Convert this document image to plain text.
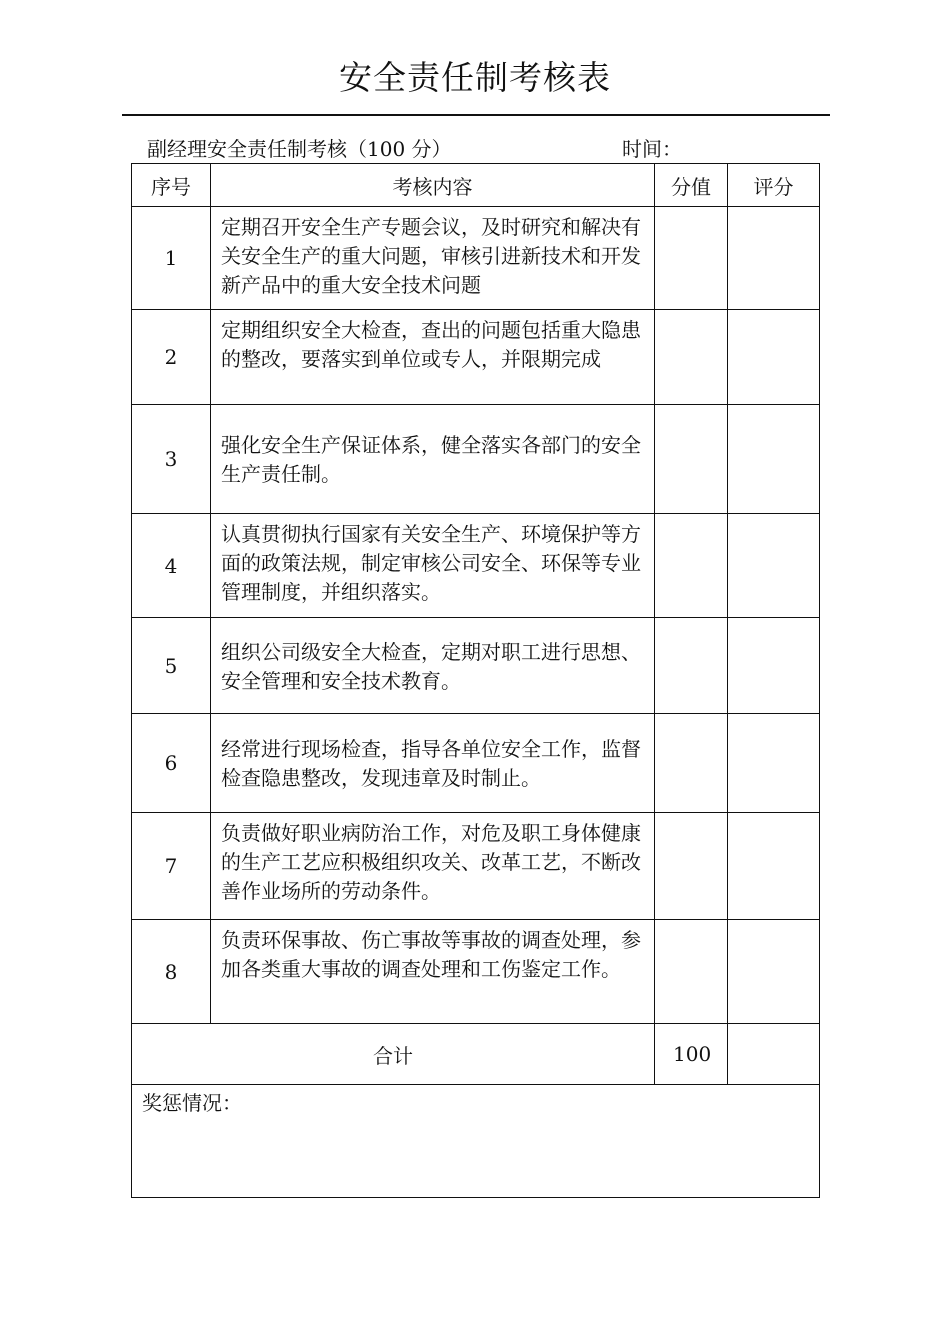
安全责任制考核表
副经理安全责任制考核（100 分）	时间：
序号	考核内容	分值	评分
1	定期召开安全生产专题会议，及时研究和解决有关安全生产的重大问题，审核引进新技术和开发新产品中的重大安全技术问题		
2	定期组织安全大检查，查出的问题包括重大隐患的整改，要落实到单位或专人，并限期完成		
3	强化安全生产保证体系，健全落实各部门的安全生产责任制。		
4	认真贯彻执行国家有关安全生产、环境保护等方面的政策法规，制定审核公司安全、环保等专业管理制度，并组织落实。		
5	组织公司级安全大检查，定期对职工进行思想、安全管理和安全技术教育。		
6	经常进行现场检查，指导各单位安全工作，监督检查隐患整改，发现违章及时制止。		
7	负责做好职业病防治工作，对危及职工身体健康的生产工艺应积极组织攻关、改革工艺，不断改善作业场所的劳动条件。		
8	负责环保事故、伤亡事故等事故的调查处理，参加各类重大事故的调查处理和工伤鉴定工作。		
合计		100	
奖惩情况：			
